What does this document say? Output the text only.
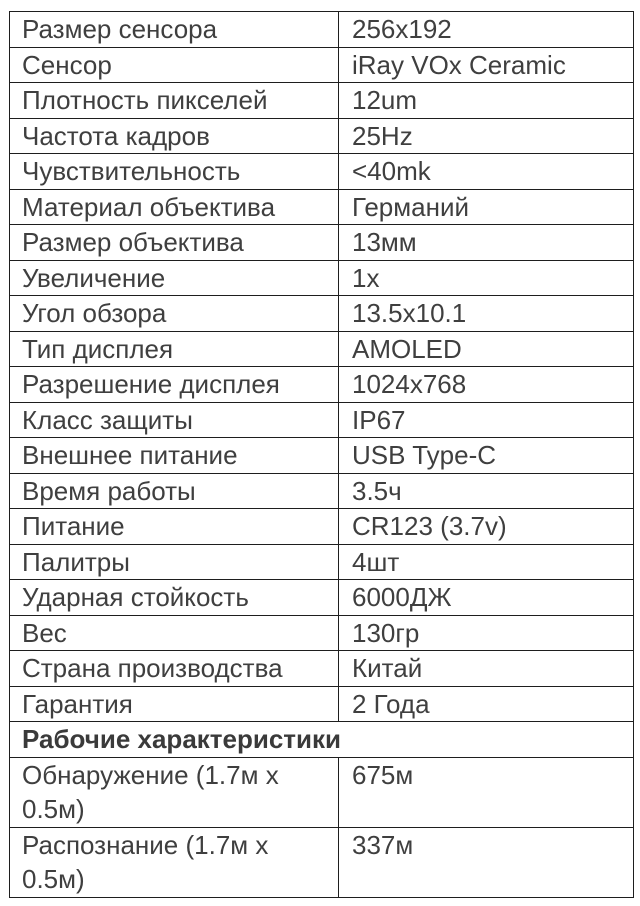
Размер сенсора	256x192
Сенсор	iRay VOx Ceramic
Плотность пикселей	12um
Частота кадров	25Hz
Чувствительность	<40mk
Материал объектива	Германий
Размер объектива	13мм
Увеличение	1x
Угол обзора	13.5x10.1
Тип дисплея	AMOLED
Разрешение дисплея	1024x768
Класс защиты	IP67
Внешнее питание	USB Type-C
Время работы	3.5ч
Питание	CR123 (3.7v)
Палитры	4шт
Ударная стойкость	6000ДЖ
Вес	130гр
Страна производства	Китай
Гарантия	2 Года
Рабочие характеристики	
Обнаружение (1.7м x 0.5м)	675м
Распознание (1.7м x 0.5м)	337м
